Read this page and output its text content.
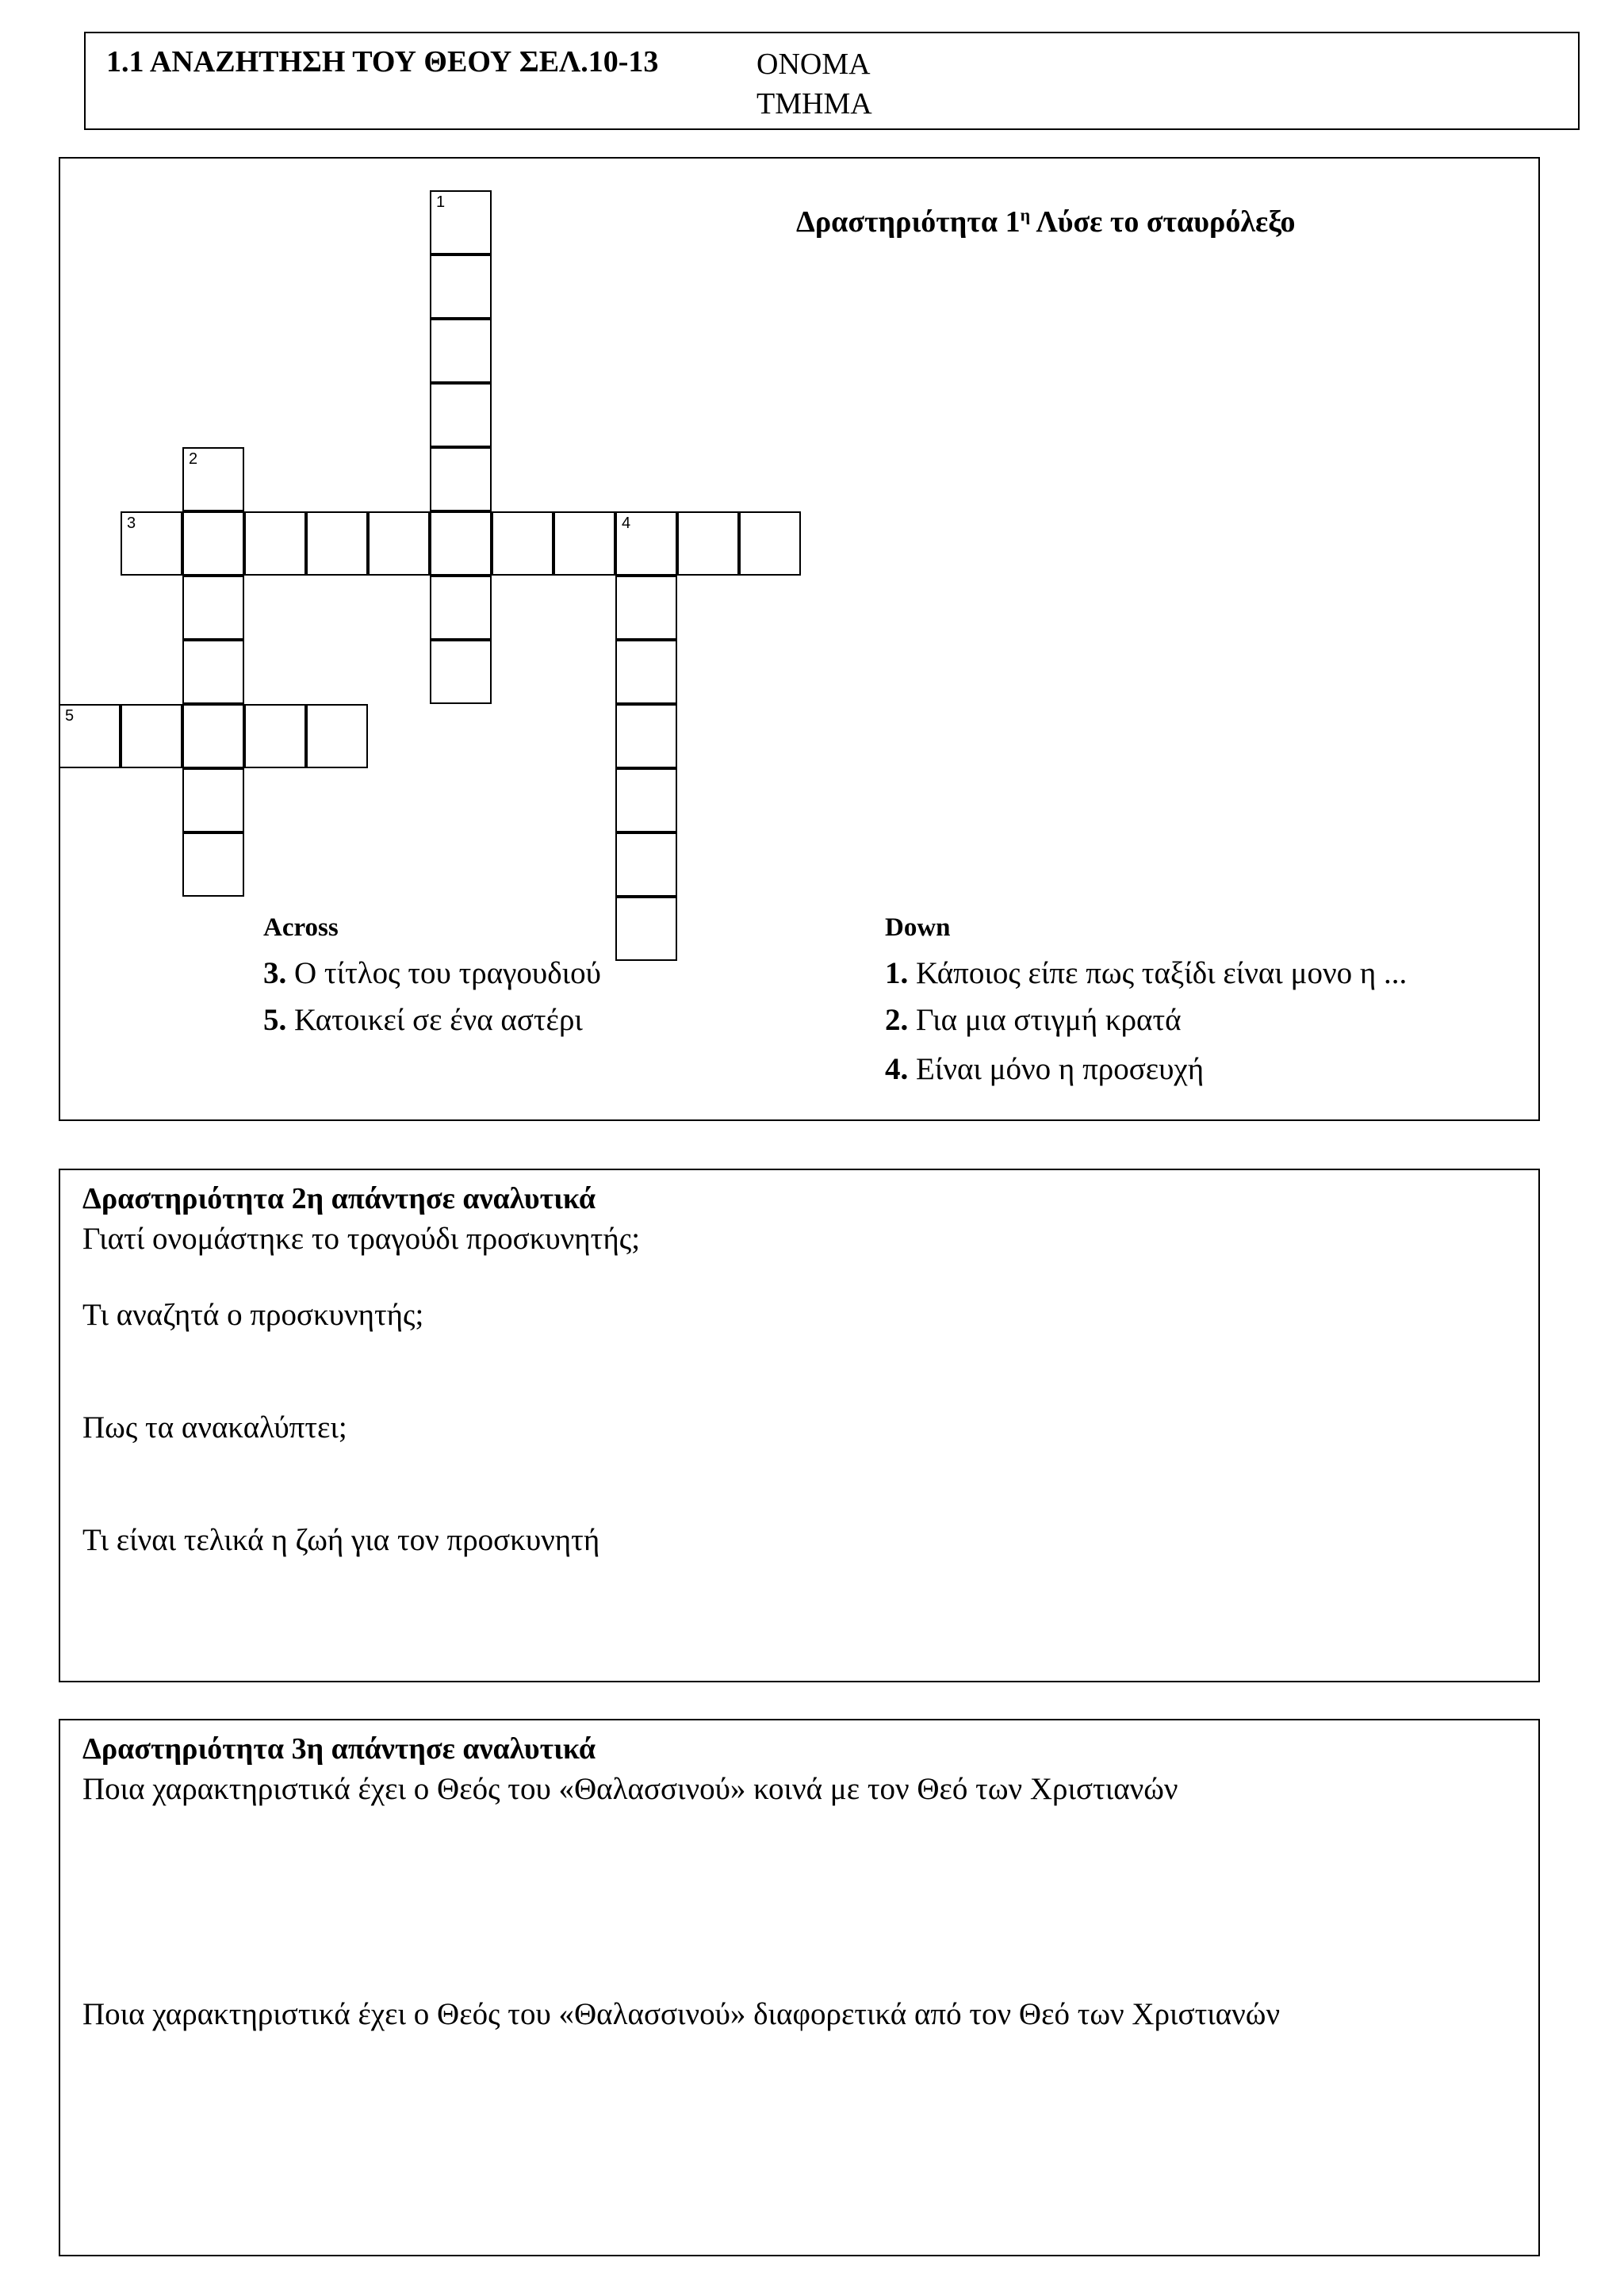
1.1 ΑΝΑΖΗΤΗΣΗ ΤΟΥ ΘΕΟΥ ΣΕΛ.10-13	ΟΝΟΜΑ
ΤΜΗΜΑ
Δραστηριότητα $1^\eta$ Λύσε το σταυρόλεξο
1
2
3	4
5
Across
3. Ο τίτλος του τραγουδιού
5. Κατοικεί σε ένα αστέρι
Down
1. Κάποιος είπε πως ταξίδι είναι μονο η ...
2. Για μια στιγμή κρατά
4. Είναι μόνο η προσευχή
Δραστηριότητα 2η απάντησε αναλυτικά
Γιατί ονομάστηκε το τραγούδι προσκυνητής;
Τι αναζητά ο προσκυνητής;
Πως τα ανακαλύπτει;
Τι είναι τελικά η ζωή για τον προσκυνητή
Δραστηριότητα 3η απάντησε αναλυτικά
Ποια χαρακτηριστικά έχει ο Θεός του «Θαλασσινού» κοινά με τον Θεό των Χριστιανών
Ποια χαρακτηριστικά έχει ο Θεός του «Θαλασσινού» διαφορετικά από τον Θεό των Χριστιανών
